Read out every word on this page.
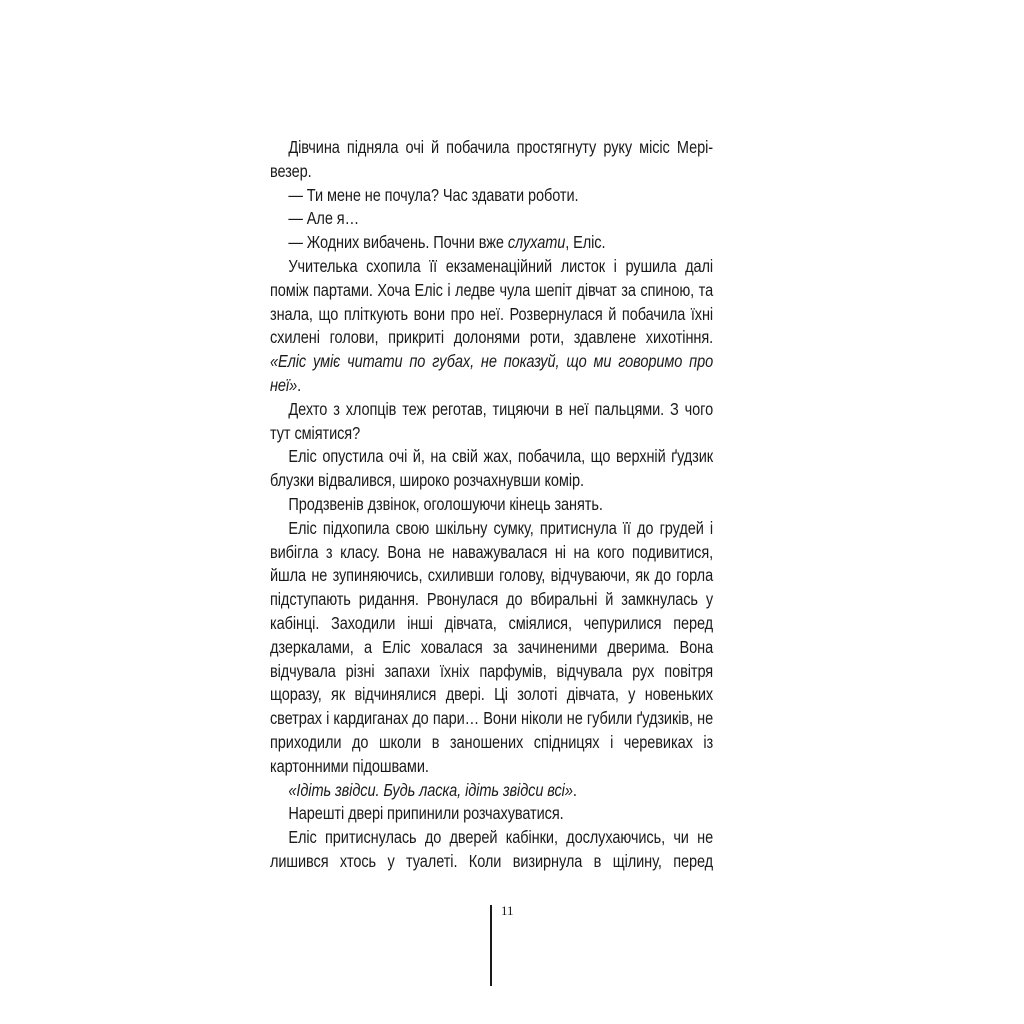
Дівчина підняла очі й побачила простягнуту руку місіс Мерівезер.

— Ти мене не почула? Час здавати роботи.

— Але я…

— Жодних вибачень. Почни вже слухати, Еліс.

Учителька схопила її екзаменаційний листок і рушила далі поміж партами. Хоча Еліс і ледве чула шепіт дівчат за спиною, та знала, що пліткують вони про неї. Розвернулася й побачила їхні схилені голови, прикриті долонями роти, здавлене хихотіння. «Еліс уміє читати по губах, не показуй, що ми говоримо про неї».

Дехто з хлопців теж реготав, тицяючи в неї пальцями. З чого тут сміятися?

Еліс опустила очі й, на свій жах, побачила, що верхній ґудзик блузки відвалився, широко розчахнувши комір.

Продзвенів дзвінок, оголошуючи кінець занять.

Еліс підхопила свою шкільну сумку, притиснула її до грудей і вибігла з класу. Вона не наважувалася ні на кого подивитися, йшла не зупиняючись, схиливши голову, відчуваючи, як до горла підступають ридання. Рвонулася до вбиральні й замкнулась у кабінці. Заходили інші дівчата, сміялися, чепурилися перед дзеркалами, а Еліс ховалася за зачиненими дверима. Вона відчувала різні запахи їхніх парфумів, відчувала рух повітря щоразу, як відчинялися двері. Ці золоті дівчата, у новеньких светрах і кардиганах до пари… Вони ніколи не губили ґудзиків, не приходили до школи в заношених спідницях і черевиках із картонними підошвами.

«Ідіть звідси. Будь ласка, ідіть звідси всі».

Нарешті двері припинили розчахуватися.

Еліс притиснулась до дверей кабінки, дослухаючись, чи не лишився хтось у туалеті. Коли визирнула в щілину, перед

11
